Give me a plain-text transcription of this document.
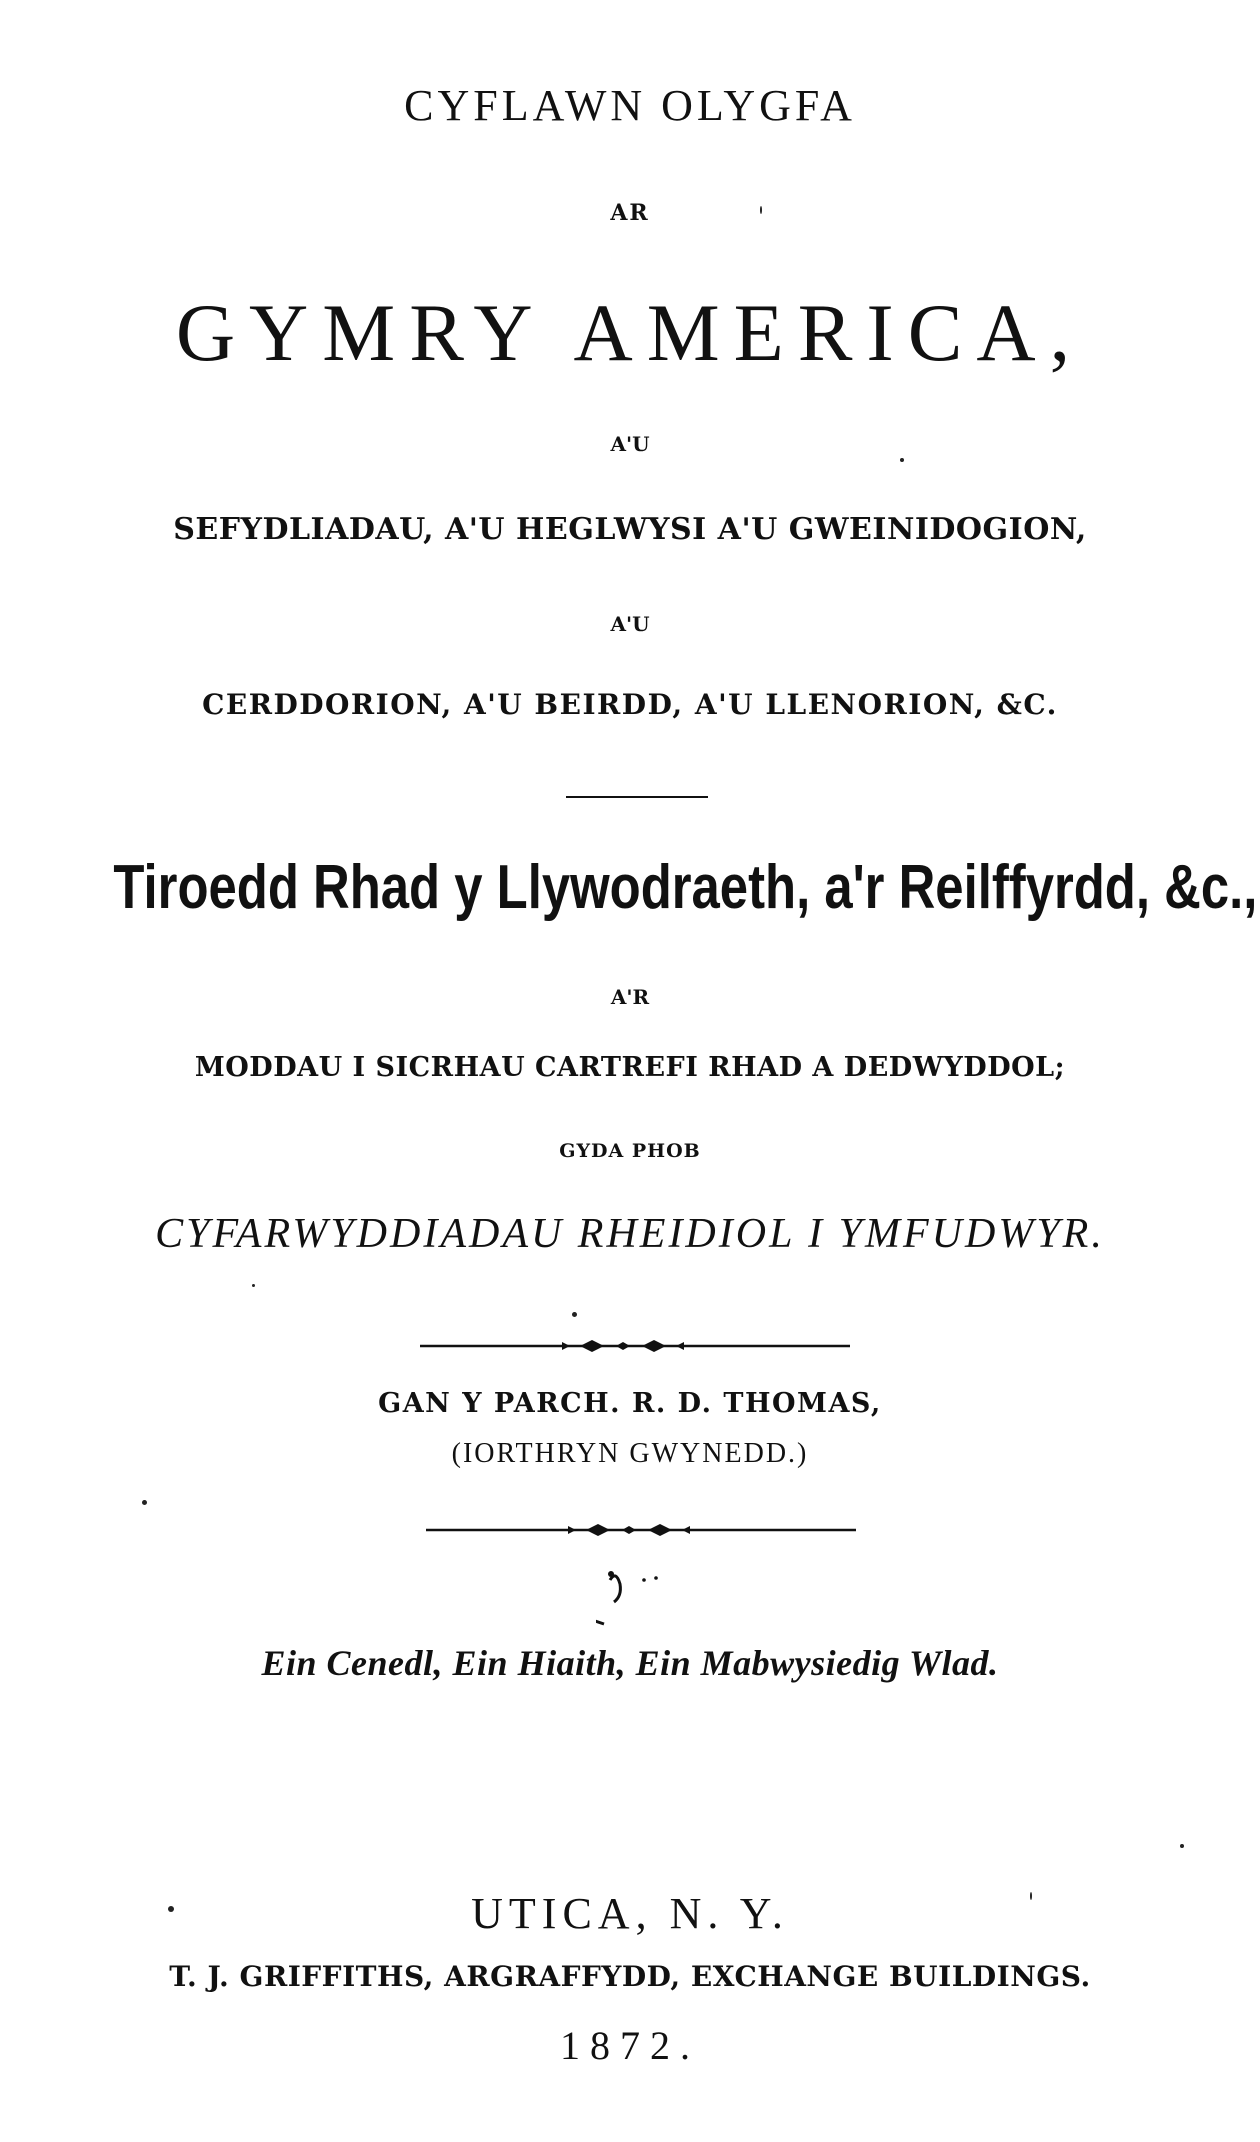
CYFLAWN OLYGFA

AR

GYMRY AMERICA,

A'U

SEFYDLIADAU, A'U HEGLWYSI A'U GWEINIDOGION,

A'U

CERDDORION, A'U BEIRDD, A'U LLENORION, &C.

Tiroedd Rhad y Llywodraeth, a'r Reilffyrdd, &c.,

A'R

MODDAU I SICRHAU CARTREFI RHAD A DEDWYDDOL;

GYDA PHOB

CYFARWYDDIADAU RHEIDIOL I YMFUDWYR.

GAN Y PARCH. R. D. THOMAS,

(IORTHRYN GWYNEDD.)

Ein Cenedl, Ein Hiaith, Ein Mabwysiedig Wlad.

UTICA, N. Y.

T. J. GRIFFITHS, ARGRAFFYDD, EXCHANGE BUILDINGS.

1872.
